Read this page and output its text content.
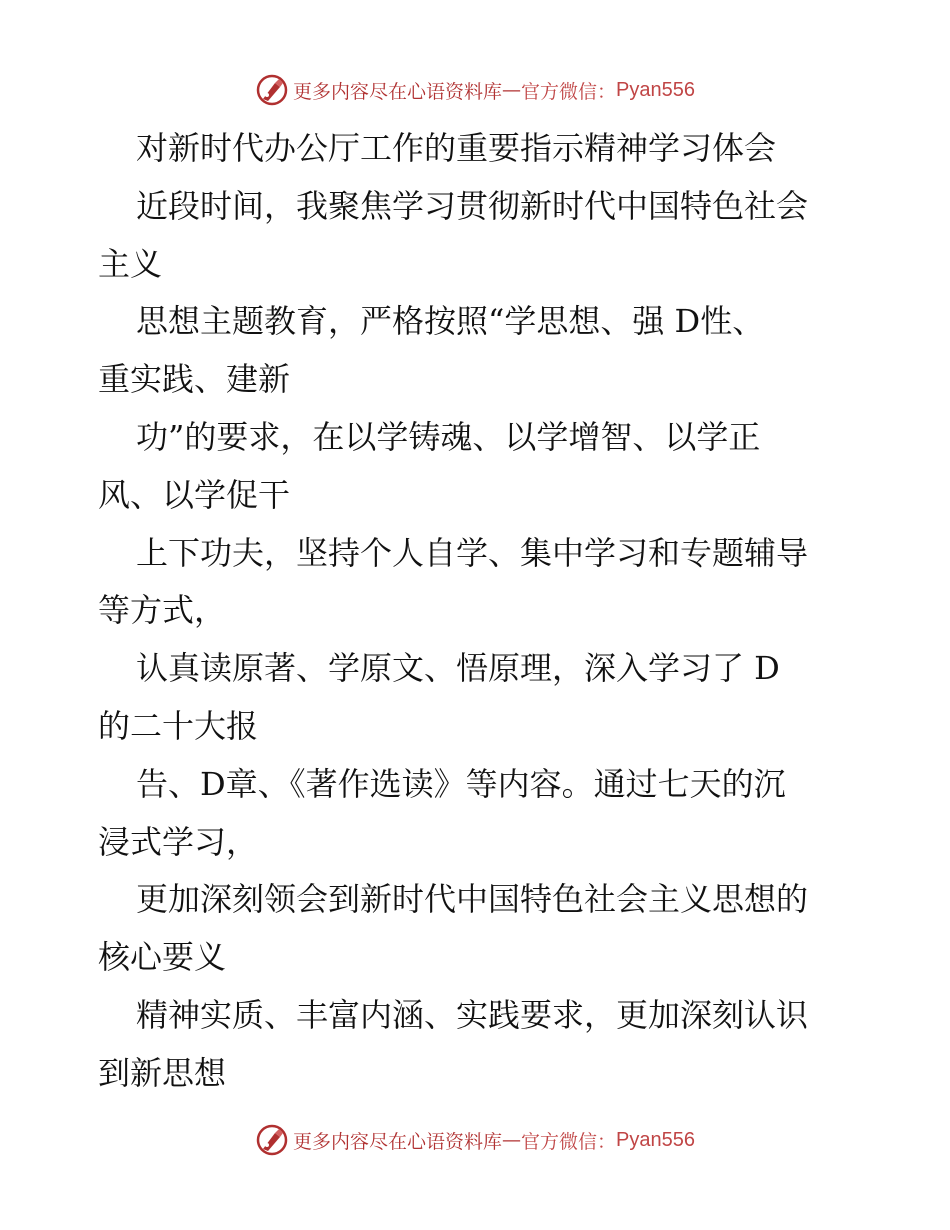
更多内容尽在心语资料库 — 官方微信： Pyan556
对新时代办公厅工作的重要指示精神学习体会
近段时间，我聚焦学习贯彻新时代中国特色社会
主义
思想主题教育，严格按照“学思想、强 D性、
重实践、建新
功”的要求，在以学铸魂、以学增智、以学正
风、以学促干
上下功夫，坚持个人自学、集中学习和专题辅导
等方式，
认真读原著、学原文、悟原理，深入学习了 D
的二十大报
告、D章、《著作选读》等内容。通过七天的沉
浸式学习，
更加深刻领会到新时代中国特色社会主义思想的
核心要义
精神实质、丰富内涵、实践要求，更加深刻认识
到新思想
更多内容尽在心语资料库 — 官方微信： Pyan556
